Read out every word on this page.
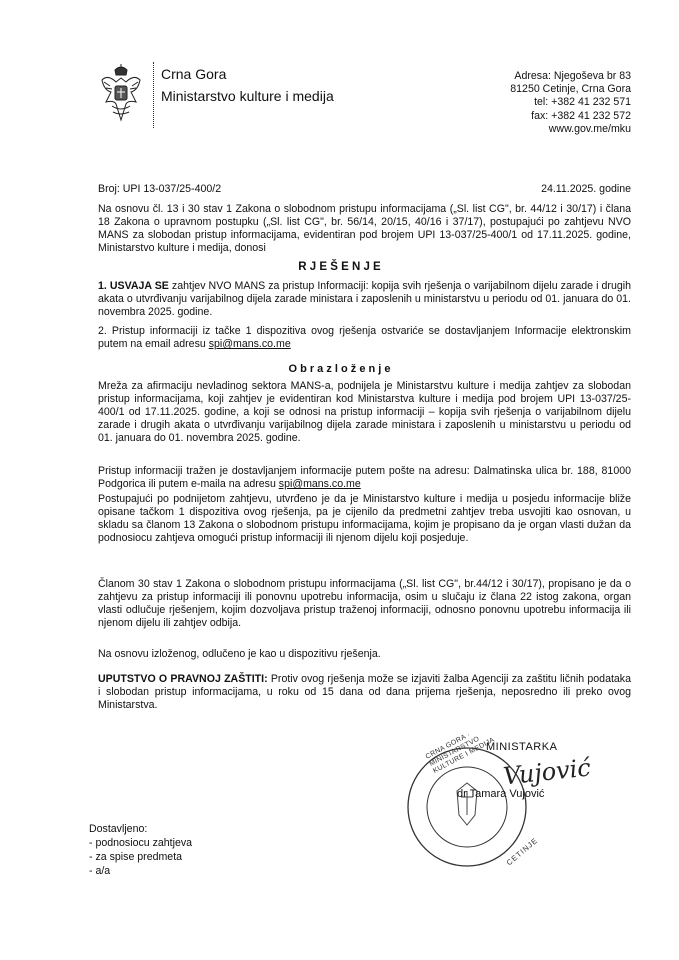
Crna Gora
Ministarstvo kulture i medija
Adresa: Njegoševa br 83
81250 Cetinje, Crna Gora
tel: +382 41 232 571
fax: +382 41 232 572
www.gov.me/mku
Broj: UPI 13-037/25-400/2	24.11.2025. godine
Na osnovu čl. 13 i 30 stav 1 Zakona o slobodnom pristupu informacijama („Sl. list CG", br. 44/12 i 30/17) i člana 18 Zakona o upravnom postupku („Sl. list CG", br. 56/14, 20/15, 40/16 i 37/17), postupajući po zahtjevu NVO MANS za slobodan pristup informacijama, evidentiran pod brojem UPI 13-037/25-400/1 od 17.11.2025. godine, Ministarstvo kulture i medija, donosi
R J E Š E N J E
1. USVAJA SE zahtjev NVO MANS za pristup Informaciji: kopija svih rješenja o varijabilnom dijelu zarade i drugih akata o utvrđivanju varijabilnog dijela zarade ministara i zaposlenih u ministarstvu u periodu od 01. januara do 01. novembra 2025. godine.
2. Pristup informaciji iz tačke 1 dispozitiva ovog rješenja ostvariće se dostavljanjem Informacije elektronskim putem na email adresu spi@mans.co.me
O b r a z l o ž e n j e
Mreža za afirmaciju nevladinog sektora MANS-a, podnijela je Ministarstvu kulture i medija zahtjev za slobodan pristup informacijama, koji zahtjev je evidentiran kod Ministarstva kulture i medija pod brojem UPI 13-037/25-400/1 od 17.11.2025. godine, a koji se odnosi na pristup informaciji – kopija svih rješenja o varijabilnom dijelu zarade i drugih akata o utvrđivanju varijabilnog dijela zarade ministara i zaposlenih u ministarstvu u periodu od 01. januara do 01. novembra 2025. godine.
Pristup informaciji tražen je dostavljanjem informacije putem pošte na adresu: Dalmatinska ulica br. 188, 81000 Podgorica ili putem e-maila na adresu spi@mans.co.me
Postupajući po podnijetom zahtjevu, utvrđeno je da je Ministarstvo kulture i medija u posjedu informacije bliže opisane tačkom 1 dispozitiva ovog rješenja, pa je cijenilo da predmetni zahtjev treba usvojiti kao osnovan, u skladu sa članom 13 Zakona o slobodnom pristupu informacijama, kojim je propisano da je organ vlasti dužan da podnosiocu zahtjeva omogući pristup informaciji ili njenom dijelu koji posjeduje.
Članom 30 stav 1 Zakona o slobodnom pristupu informacijama („Sl. list CG", br.44/12 i 30/17), propisano je da o zahtjevu za pristup informaciji ili ponovnu upotrebu informacija, osim u slučaju iz člana 22 istog zakona, organ vlasti odlučuje rješenjem, kojim dozvoljava pristup traženoj informaciji, odnosno ponovnu upotrebu informacija ili njenom dijelu ili zahtjev odbija.
Na osnovu izloženog, odlučeno je kao u dispozitivu rješenja.
UPUTSTVO O PRAVNOJ ZAŠTITI: Protiv ovog rješenja može se izjaviti žalba Agenciji za zaštitu ličnih podataka i slobodan pristup informacijama, u roku od 15 dana od dana prijema rješenja, neposredno ili preko ovog Ministarstva.
CRNA GORA · MINISTARSTVO KULTURE I MEDIJA
CETINJE
MINISTARKA
Vujović
dr Tamara Vujović
Dostavljeno:
- podnosiocu zahtjeva
- za spise predmeta
- a/a
